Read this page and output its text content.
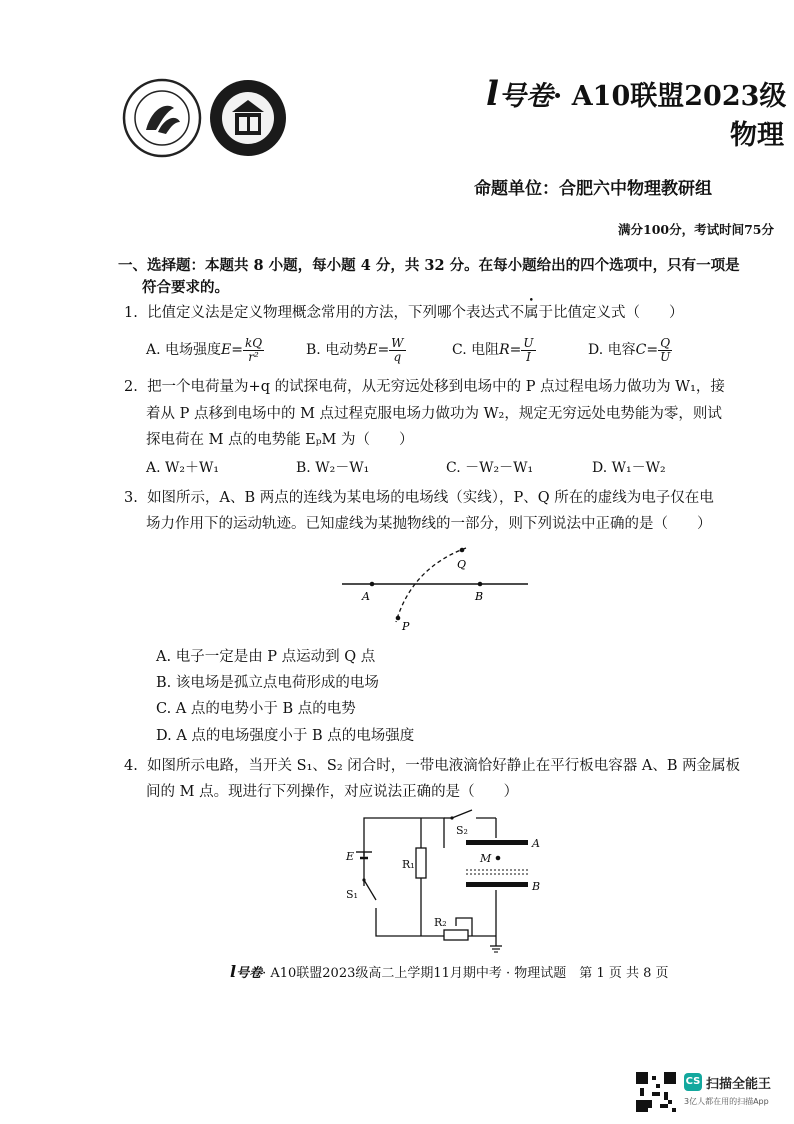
l号卷· A10联盟2023级
物理
命题单位：合肥六中物理教研组
满分100分，考试时间75分
一、选择题：本题共 8 小题，每小题 4 分，共 32 分。在每小题给出的四个选项中，只有一项是
符合要求的。
1. 比值定义法是定义物理概念常用的方法，下列哪个表达式不属于比值定义式（　　）
A. 电场强度$E= \frac{kQ}{\text{r²}}$	B. 电动势$E= \frac{W}{q}$	C. 电阻$R= \frac{U}{I}$	D. 电容$C= \frac{Q}{U}$
2. 把一个电荷量为+q 的试探电荷，从无穷远处移到电场中的 P 点过程电场力做功为 W₁，接
着从 P 点移到电场中的 M 点过程克服电场力做功为 W₂，规定无穷远处电势能为零，则试
探电荷在 M 点的电势能 EₚM 为（　　）
A. W₂＋W₁	B. W₂－W₁	C. －W₂－W₁	D. W₁－W₂
3. 如图所示，A、B 两点的连线为某电场的电场线（实线），P、Q 所在的虚线为电子仅在电
场力作用下的运动轨迹。已知虚线为某抛物线的一部分，则下列说法中正确的是（　　）
A	B
Q
P
A. 电子一定是由 P 点运动到 Q 点
B. 该电场是孤立点电荷形成的电场
C. A 点的电势小于 B 点的电势
D. A 点的电场强度小于 B 点的电场强度
4. 如图所示电路，当开关 S₁、S₂ 闭合时，一带电液滴恰好静止在平行板电容器 A、B 两金属板
间的 M 点。现进行下列操作，对应说法正确的是（　　）
E
S₁
S₂
R₁
R₂
M
A
B
l号卷· A10联盟2023级高二上学期11月期中考 · 物理试题　第 1 页 共 8 页
CS 扫描全能王
3亿人都在用的扫描App
